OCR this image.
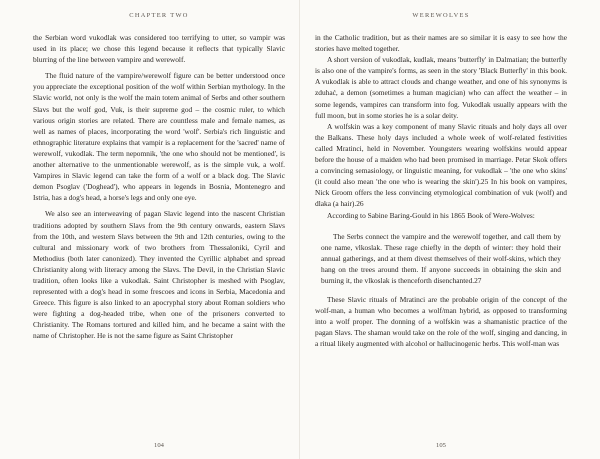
CHAPTER TWO

the Serbian word vukodlak was considered too terrifying to utter, so vampir was used in its place; we chose this legend because it reflects that typically Slavic blurring of the line between vampire and werewolf.

The fluid nature of the vampire/werewolf figure can be better understood once you appreciate the exceptional position of the wolf within Serbian mythology. In the Slavic world, not only is the wolf the main totem animal of Serbs and other southern Slavs but the wolf god, Vuk, is their supreme god – the cosmic ruler, to which various origin stories are related. There are countless male and female names, as well as names of places, incorporating the word 'wolf'. Serbia's rich linguistic and ethnographic literature explains that vampir is a replacement for the 'sacred' name of werewolf, vukodlak. The term nepomnik, 'the one who should not be mentioned', is another alternative to the unmentionable werewolf, as is the simple vuk, a wolf. Vampires in Slavic legend can take the form of a wolf or a black dog. The Slavic demon Psoglav ('Doghead'), who appears in legends in Bosnia, Montenegro and Istria, has a dog's head, a horse's legs and only one eye.

We also see an interweaving of pagan Slavic legend into the nascent Christian traditions adopted by southern Slavs from the 9th century onwards, eastern Slavs from the 10th, and western Slavs between the 9th and 12th centuries, owing to the cultural and missionary work of two brothers from Thessaloniki, Cyril and Methodius (both later canonized). They invented the Cyrillic alphabet and spread Christianity along with literacy among the Slavs. The Devil, in the Christian Slavic tradition, often looks like a vukodlak. Saint Christopher is meshed with Psoglav, represented with a dog's head in some frescoes and icons in Serbia, Macedonia and Greece. This figure is also linked to an apocryphal story about Roman soldiers who were fighting a dog-headed tribe, when one of the prisoners converted to Christianity. The Romans tortured and killed him, and he became a saint with the name of Christopher. He is not the same figure as Saint Christopher

104
WEREWOLVES

in the Catholic tradition, but as their names are so similar it is easy to see how the stories have melted together.

A short version of vukodlak, kudlak, means 'butterfly' in Dalmatian; the butterfly is also one of the vampire's forms, as seen in the story 'Black Butterfly' in this book. A vukodlak is able to attract clouds and change weather, and one of his synonyms is zduhać, a demon (sometimes a human magician) who can affect the weather – in some legends, vampires can transform into fog. Vukodlak usually appears with the full moon, but in some stories he is a solar deity.

A wolfskin was a key component of many Slavic rituals and holy days all over the Balkans. These holy days included a whole week of wolf-related festivities called Mratinci, held in November. Youngsters wearing wolfskins would appear before the house of a maiden who had been promised in marriage. Petar Skok offers a convincing semasiology, or linguistic meaning, for vukodlak – 'the one who skins' (it could also mean 'the one who is wearing the skin').25 In his book on vampires, Nick Groom offers the less convincing etymological combination of vuk (wolf) and dlaka (a hair).26

According to Sabine Baring-Gould in his 1865 Book of Were-Wolves:

The Serbs connect the vampire and the werewolf together, and call them by one name, vlkoslak. These rage chiefly in the depth of winter: they hold their annual gatherings, and at them divest themselves of their wolf-skins, which they hang on the trees around them. If anyone succeeds in obtaining the skin and burning it, the vlkoslak is thenceforth disenchanted.27

These Slavic rituals of Mratinci are the probable origin of the concept of the wolf-man, a human who becomes a wolf/man hybrid, as opposed to transforming into a wolf proper. The donning of a wolfskin was a shamanistic practice of the pagan Slavs. The shaman would take on the role of the wolf, singing and dancing, in a ritual likely augmented with alcohol or hallucinogenic herbs. This wolf-man was

105
